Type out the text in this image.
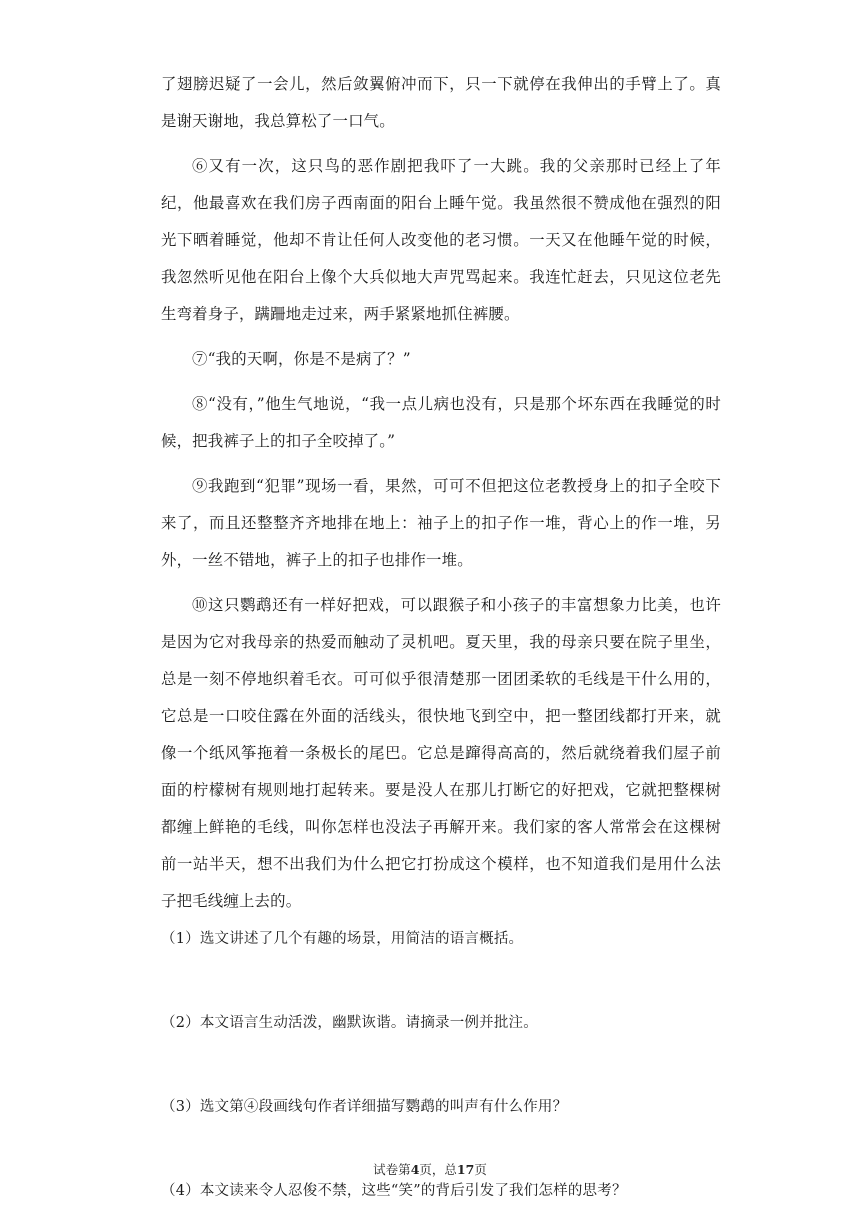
了翅膀迟疑了一会儿，然后敛翼俯冲而下，只一下就停在我伸出的手臂上了。真是谢天谢地，我总算松了一口气。

⑥又有一次，这只鸟的恶作剧把我吓了一大跳。我的父亲那时已经上了年纪，他最喜欢在我们房子西南面的阳台上睡午觉。我虽然很不赞成他在强烈的阳光下晒着睡觉，他却不肯让任何人改变他的老习惯。一天又在他睡午觉的时候，我忽然听见他在阳台上像个大兵似地大声咒骂起来。我连忙赶去，只见这位老先生弯着身子，蹒跚地走过来，两手紧紧地抓住裤腰。

⑦“我的天啊，你是不是病了？”

⑧“没有，”他生气地说，“我一点儿病也没有，只是那个坏东西在我睡觉的时候，把我裤子上的扣子全咬掉了。”

⑨我跑到“犯罪”现场一看，果然，可可不但把这位老教授身上的扣子全咬下来了，而且还整整齐齐地排在地上：袖子上的扣子作一堆，背心上的作一堆，另外，一丝不错地，裤子上的扣子也排作一堆。

⑩这只鹦鹉还有一样好把戏，可以跟猴子和小孩子的丰富想象力比美，也许是因为它对我母亲的热爱而触动了灵机吧。夏天里，我的母亲只要在院子里坐，总是一刻不停地织着毛衣。可可似乎很清楚那一团团柔软的毛线是干什么用的，它总是一口咬住露在外面的活线头，很快地飞到空中，把一整团线都打开来，就像一个纸风筝拖着一条极长的尾巴。它总是蹿得高高的，然后就绕着我们屋子前面的柠檬树有规则地打起转来。要是没人在那儿打断它的好把戏，它就把整棵树都缠上鲜艳的毛线，叫你怎样也没法子再解开来。我们家的客人常常会在这棵树前一站半天，想不出我们为什么把它打扮成这个模样，也不知道我们是用什么法子把毛线缠上去的。

（1）选文讲述了几个有趣的场景，用简洁的语言概括。

（2）本文语言生动活泼，幽默诙谐。请摘录一例并批注。

（3）选文第④段画线句作者详细描写鹦鹉的叫声有什么作用？

（4）本文读来令人忍俊不禁，这些“笑”的背后引发了我们怎样的思考？

试卷第4页，总17页
